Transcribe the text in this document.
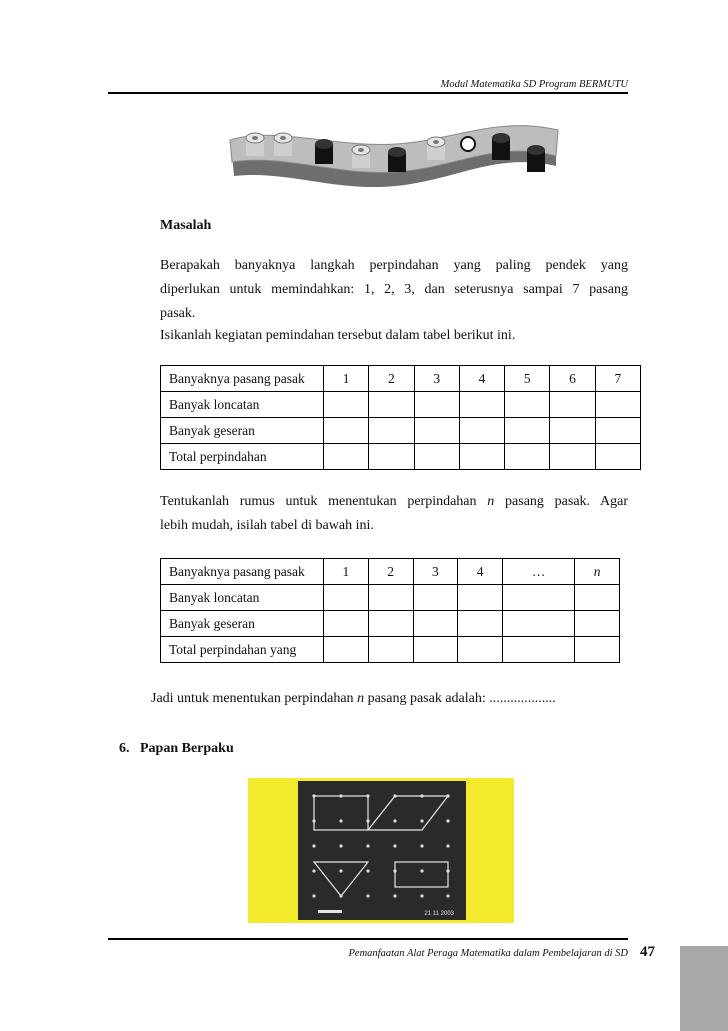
Modul Matematika SD Program BERMUTU
Masalah
Berapakah banyaknya langkah perpindahan yang paling pendek yang
diperlukan untuk memindahkan: 1, 2, 3, dan seterusnya sampai 7 pasang
pasak.
Isikanlah kegiatan pemindahan tersebut dalam tabel berikut ini.
Banyaknya pasang pasak	1	2	3	4	5	6	7
Banyak loncatan							
Banyak geseran							
Total perpindahan							
Tentukanlah rumus untuk menentukan perpindahan n pasang pasak. Agar
lebih mudah, isilah tabel di bawah ini.
Banyaknya pasang pasak	1	2	3	4	…	n
Banyak loncatan						
Banyak geseran						
Total perpindahan yang						
Jadi untuk menentukan perpindahan n pasang pasak adalah: ...................
6. Papan Berpaku
21 11 2003
Pemanfaatan Alat Peraga Matematika dalam Pembelajaran di SD 47
